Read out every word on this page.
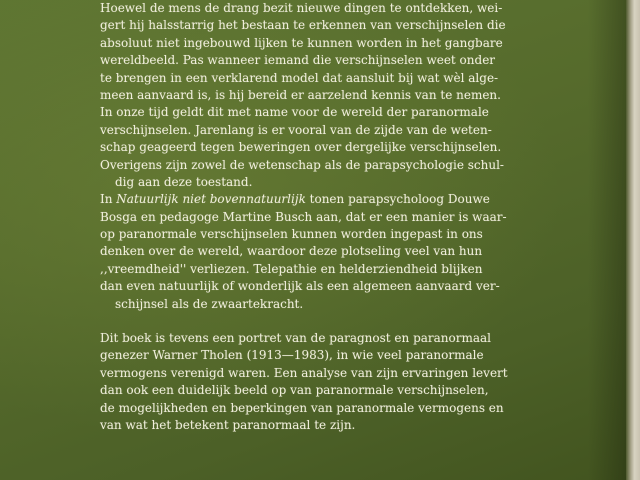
Hoewel de mens de drang bezit nieuwe dingen te ontdekken, wei-
gert hij halsstarrig het bestaan te erkennen van verschijnselen die
absoluut niet ingebouwd lijken te kunnen worden in het gangbare
wereldbeeld. Pas wanneer iemand die verschijnselen weet onder
te brengen in een verklarend model dat aansluit bij wat wèl alge-
meen aanvaard is, is hij bereid er aarzelend kennis van te nemen.
In onze tijd geldt dit met name voor de wereld der paranormale
verschijnselen. Jarenlang is er vooral van de zijde van de weten-
schap geageerd tegen beweringen over dergelijke verschijnselen.
Overigens zijn zowel de wetenschap als de parapsychologie schul-
dig aan deze toestand.
In Natuurlijk niet bovennatuurlijk tonen parapsycholoog Douwe
Bosga en pedagoge Martine Busch aan, dat er een manier is waar-
op paranormale verschijnselen kunnen worden ingepast in ons
denken over de wereld, waardoor deze plotseling veel van hun
,,vreemdheid'' verliezen. Telepathie en helderziendheid blijken
dan even natuurlijk of wonderlijk als een algemeen aanvaard ver-
schijnsel als de zwaartekracht.
Dit boek is tevens een portret van de paragnost en paranormaal
genezer Warner Tholen (1913—1983), in wie veel paranormale
vermogens verenigd waren. Een analyse van zijn ervaringen levert
dan ook een duidelijk beeld op van paranormale verschijnselen,
de mogelijkheden en beperkingen van paranormale vermogens en
van wat het betekent paranormaal te zijn.
